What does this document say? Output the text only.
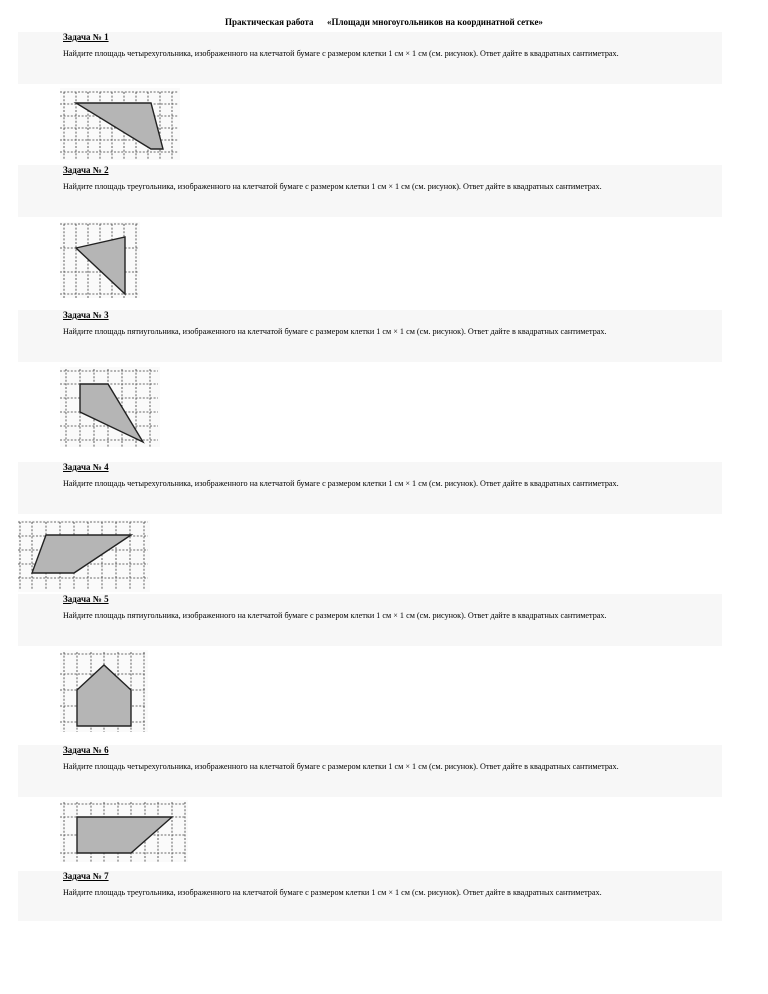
Практическая работа      «Площади многоугольников на координатной сетке»
Задача № 1
Найдите площадь четырехугольника, изображенного на клетчатой бумаге с размером клетки 1 см × 1 см (см. рисунок). Ответ дайте в квадратных сантиметрах.
Задача № 2
Найдите площадь треугольника, изображенного на клетчатой бумаге с размером клетки 1 см × 1 см (см. рисунок). Ответ дайте в квадратных сантиметрах.
Задача № 3
Найдите площадь пятиугольника, изображенного на клетчатой бумаге с размером клетки 1 см × 1 см (см. рисунок). Ответ дайте в квадратных сантиметрах.
Задача № 4
Найдите площадь четырехугольника, изображенного на клетчатой бумаге с размером клетки 1 см × 1 см (см. рисунок). Ответ дайте в квадратных сантиметрах.
Задача № 5
Найдите площадь пятиугольника, изображенного на клетчатой бумаге с размером клетки 1 см × 1 см (см. рисунок). Ответ дайте в квадратных сантиметрах.
Задача № 6
Найдите площадь четырехугольника, изображенного на клетчатой бумаге с размером клетки 1 см × 1 см (см. рисунок). Ответ дайте в квадратных сантиметрах.
Задача № 7
Найдите площадь треугольника, изображенного на клетчатой бумаге с размером клетки 1 см × 1 см (см. рисунок). Ответ дайте в квадратных сантиметрах.
